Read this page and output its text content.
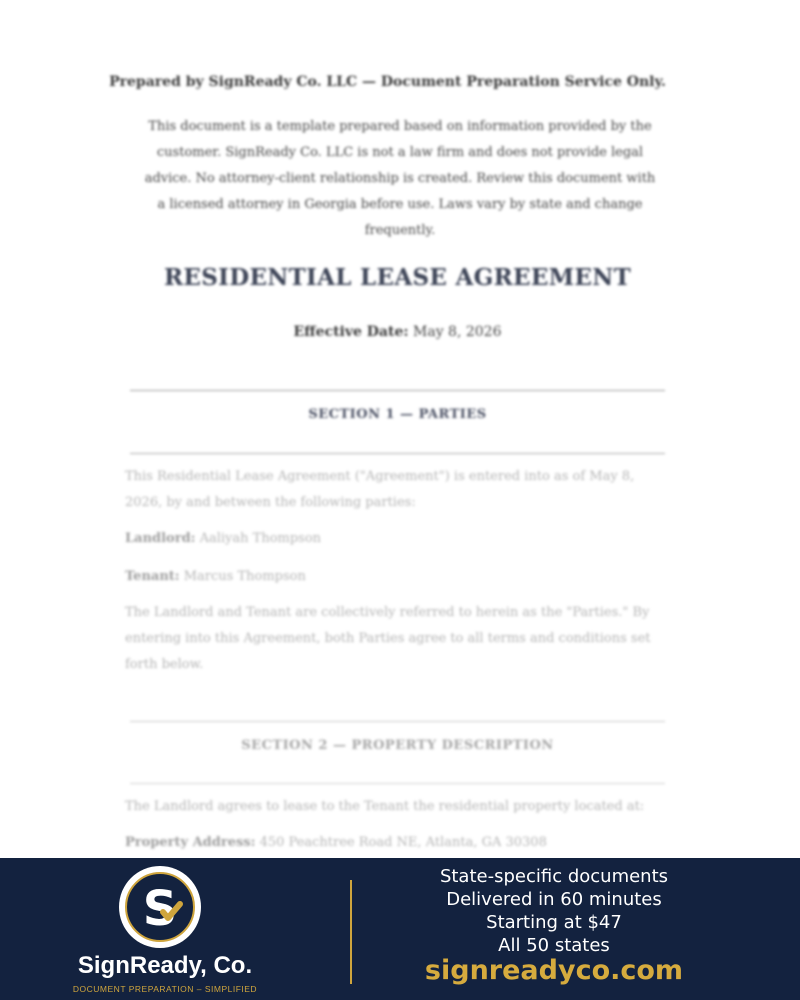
Prepared by SignReady Co. LLC — Document Preparation Service Only.
This document is a template prepared based on information provided by the customer. SignReady Co. LLC is not a law firm and does not provide legal advice. No attorney-client relationship is created. Review this document with a licensed attorney in Georgia before use. Laws vary by state and change frequently.
RESIDENTIAL LEASE AGREEMENT
Effective Date: May 8, 2026
SECTION 1 — PARTIES
This Residential Lease Agreement ("Agreement") is entered into as of May 8, 2026, by and between the following parties:
Landlord: Aaliyah Thompson
Tenant: Marcus Thompson
The Landlord and Tenant are collectively referred to herein as the "Parties." By entering into this Agreement, both Parties agree to all terms and conditions set forth below.
SECTION 2 — PROPERTY DESCRIPTION
The Landlord agrees to lease to the Tenant the residential property located at:
Property Address: 450 Peachtree Road NE, Atlanta, GA 30308
S
SignReady, Co.
DOCUMENT PREPARATION – SIMPLIFIED
State-specific documents
Delivered in 60 minutes
Starting at $47
All 50 states
signreadyco.com
